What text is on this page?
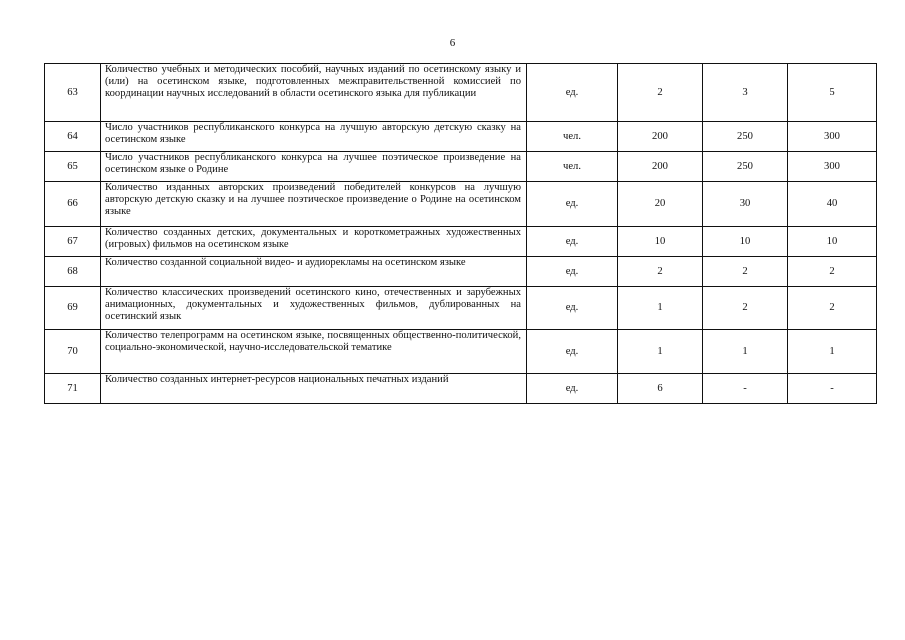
6
63	Количество учебных и методических пособий, научных изданий по осетинскому языку и (или) на осетинском языке, подготовленных межправительственной комиссией по координации научных исследований в области осетинского языка для публикации	ед.	2	3	5
64	Число участников республиканского конкурса на лучшую авторскую детскую сказку на осетинском языке	чел.	200	250	300
65	Число участников республиканского конкурса на лучшее поэтическое произведение на осетинском языке о Родине	чел.	200	250	300
66	Количество изданных авторских произведений победителей конкурсов на лучшую авторскую детскую сказку и на лучшее поэтическое произведение о Родине на осетинском языке	ед.	20	30	40
67	Количество созданных детских, документальных и короткометражных художественных (игровых) фильмов на осетинском языке	ед.	10	10	10
68	Количество созданной социальной видео- и аудиорекламы на осетинском языке	ед.	2	2	2
69	Количество классических произведений осетинского кино, отечественных и зарубежных анимационных, документальных и художественных фильмов, дублированных на осетинский язык	ед.	1	2	2
70	Количество телепрограмм на осетинском языке, посвященных общественно-политической, социально-экономической, научно-исследовательской тематике	ед.	1	1	1
71	Количество созданных интернет-ресурсов национальных печатных изданий	ед.	6	-	-
